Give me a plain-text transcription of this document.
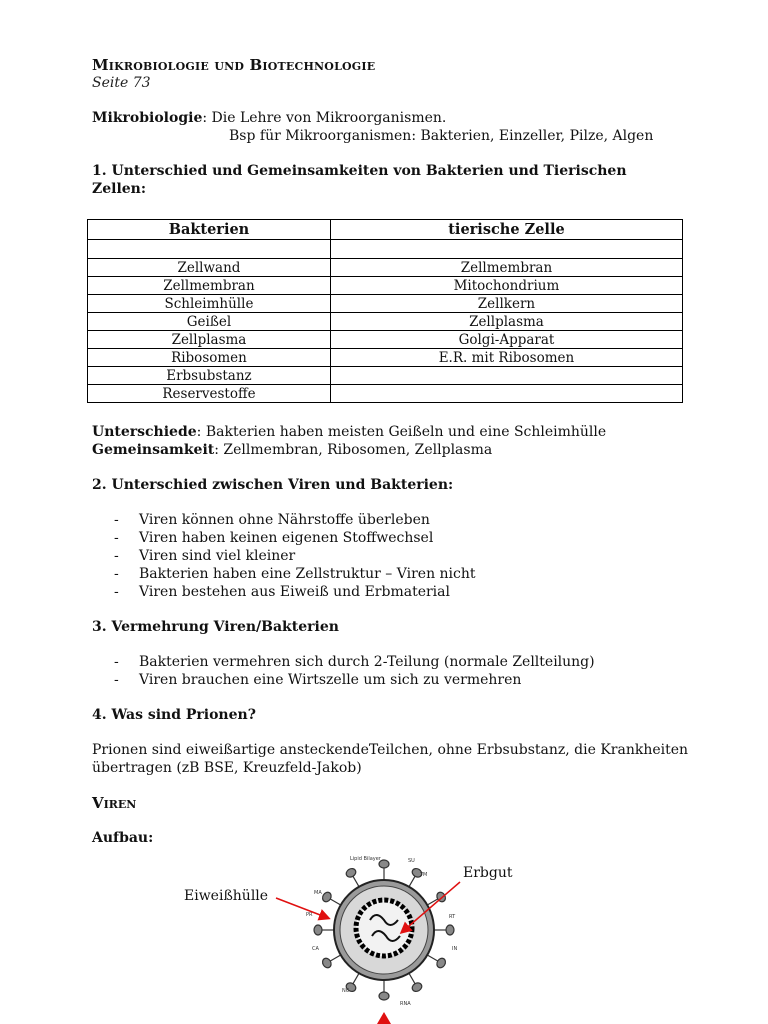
Mikrobiologie und Biotechnologie
Seite 73
Mikrobiologie: Die Lehre von Mikroorganismen.
Bsp für Mikroorganismen: Bakterien, Einzeller, Pilze, Algen
1. Unterschied und Gemeinsamkeiten von Bakterien und Tierischen
Zellen:
Bakterien	tierische Zelle

Zellwand	Zellmembran
Zellmembran	Mitochondrium
Schleimhülle	Zellkern
Geißel	Zellplasma
Zellplasma	Golgi-Apparat
Ribosomen	E.R. mit Ribosomen
Erbsubstanz	
Reservestoffe	
Unterschiede: Bakterien haben meisten Geißeln und eine Schleimhülle
Gemeinsamkeit: Zellmembran, Ribosomen, Zellplasma
2. Unterschied zwischen Viren und Bakterien:
- Viren können ohne Nährstoffe überleben
- Viren haben keinen eigenen Stoffwechsel
- Viren sind viel kleiner
- Bakterien haben eine Zellstruktur – Viren nicht
- Viren bestehen aus Eiweiß und Erbmaterial
3. Vermehrung Viren/Bakterien
- Bakterien vermehren sich durch 2-Teilung (normale Zellteilung)
- Viren brauchen eine Wirtszelle um sich zu vermehren
4. Was sind Prionen?
Prionen sind eiweißartige ansteckendeTeilchen, ohne Erbsubstanz, die Krankheiten
übertragen (zB BSE, Kreuzfeld-Jakob)
Viren
Aufbau:
Eiweißhülle
Erbgut
Lipid Bilayer	SU
TM
MA
PR	RT
IN
CA
NC
RNA
